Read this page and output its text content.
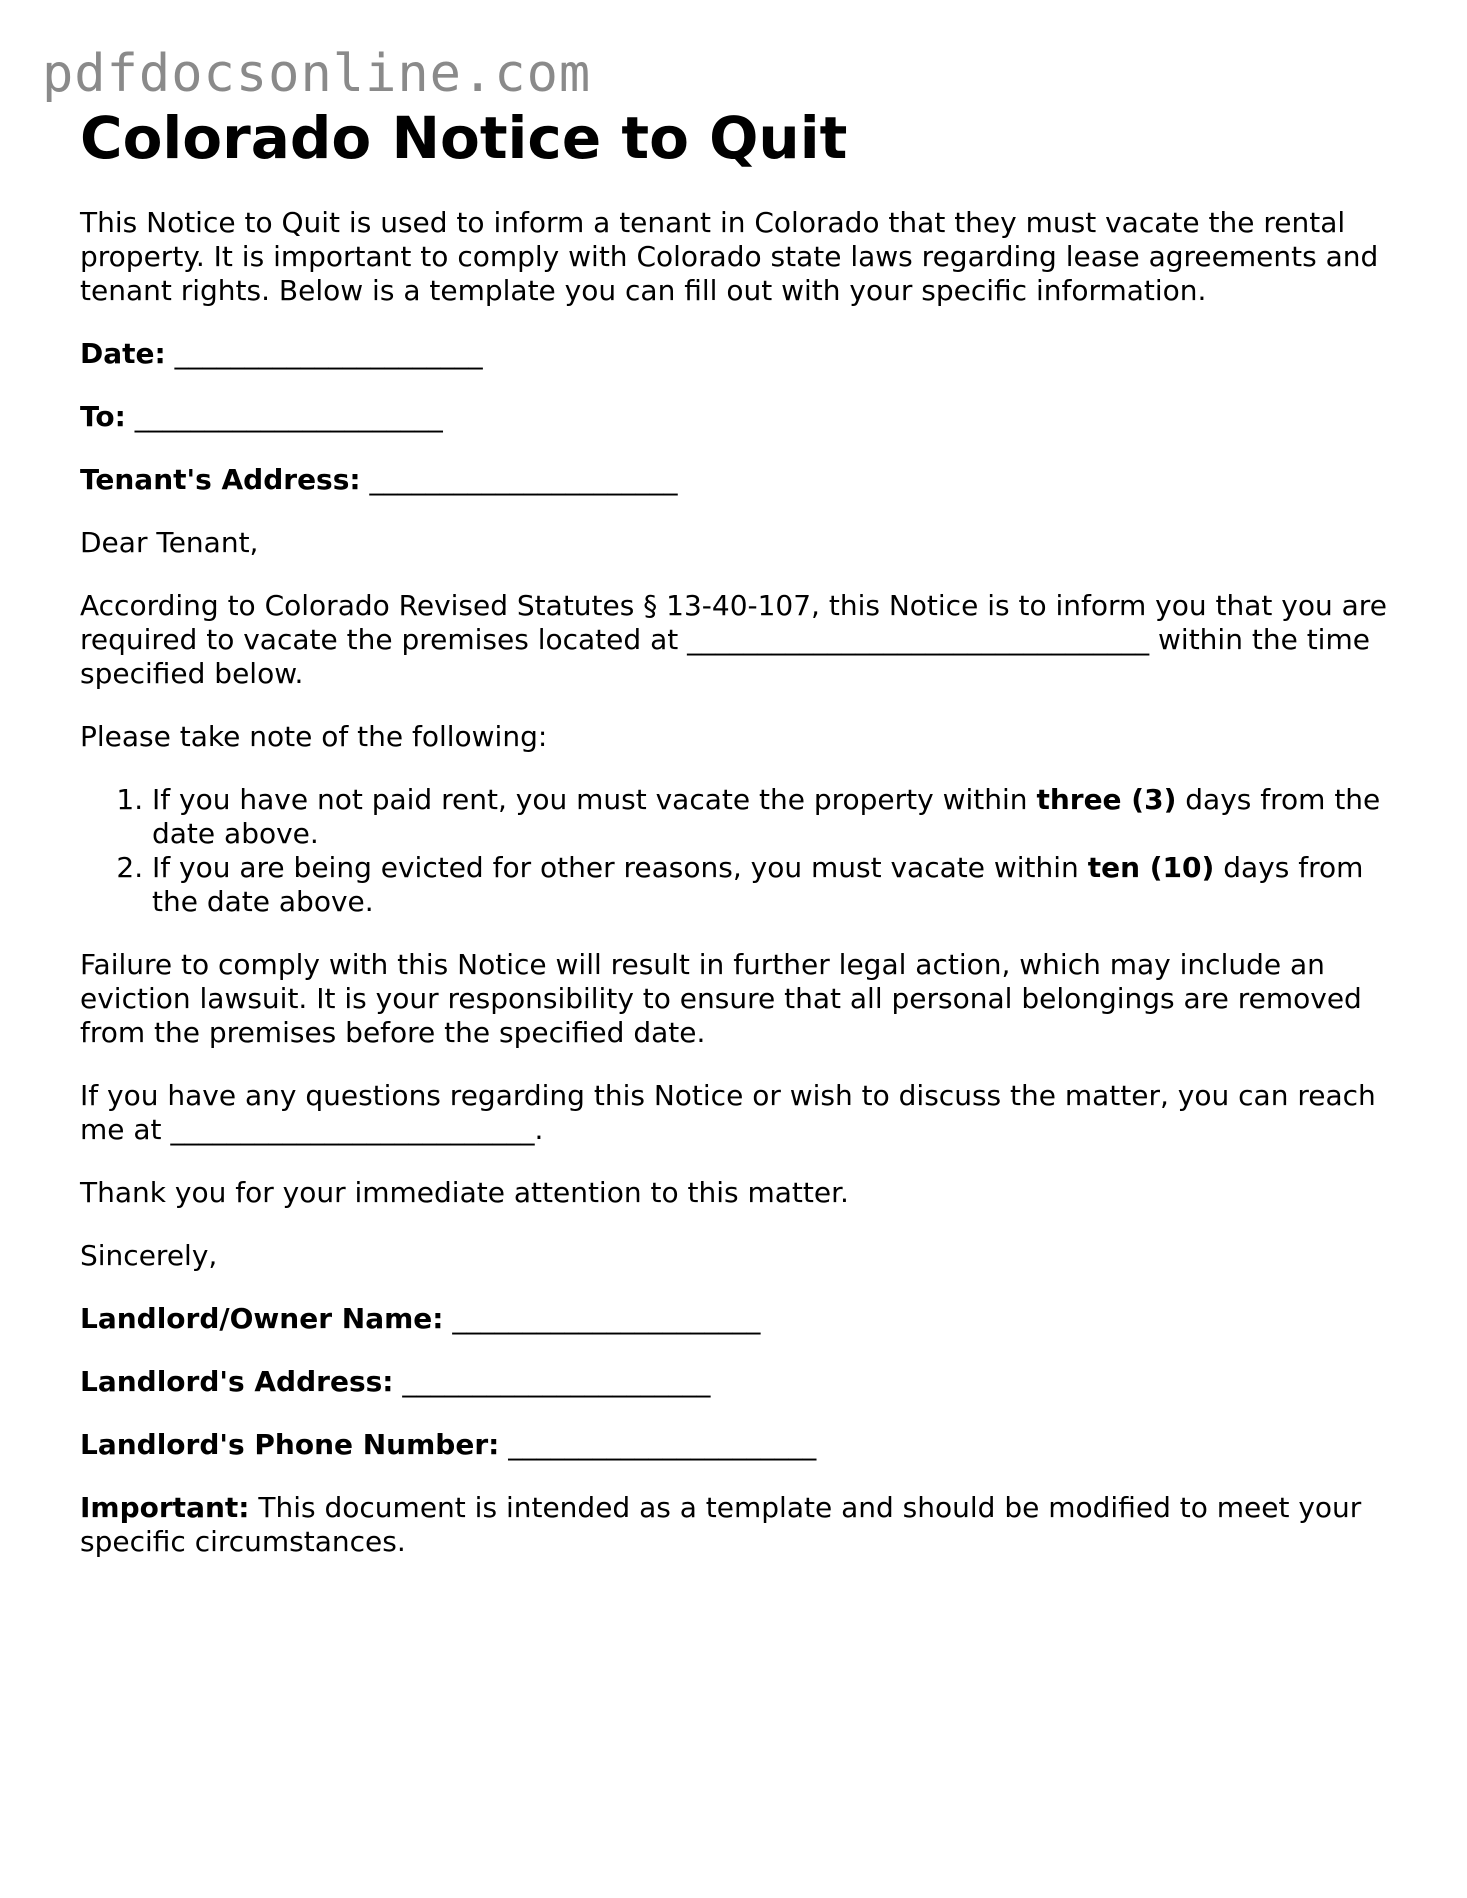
pdfdocsonline.com
Colorado Notice to Quit

This Notice to Quit is used to inform a tenant in Colorado that they must vacate the rental property. It is important to comply with Colorado state laws regarding lease agreements and tenant rights. Below is a template you can fill out with your specific information.

Date: ______________________

To: ______________________

Tenant's Address: ______________________

Dear Tenant,

According to Colorado Revised Statutes § 13-40-107, this Notice is to inform you that you are required to vacate the premises located at _________________________________ within the time specified below.

Please take note of the following:

1. If you have not paid rent, you must vacate the property within three (3) days from the date above.
2. If you are being evicted for other reasons, you must vacate within ten (10) days from the date above.

Failure to comply with this Notice will result in further legal action, which may include an eviction lawsuit. It is your responsibility to ensure that all personal belongings are removed from the premises before the specified date.

If you have any questions regarding this Notice or wish to discuss the matter, you can reach me at __________________________.

Thank you for your immediate attention to this matter.

Sincerely,

Landlord/Owner Name: ______________________

Landlord's Address: ______________________

Landlord's Phone Number: ______________________

Important: This document is intended as a template and should be modified to meet your specific circumstances.
